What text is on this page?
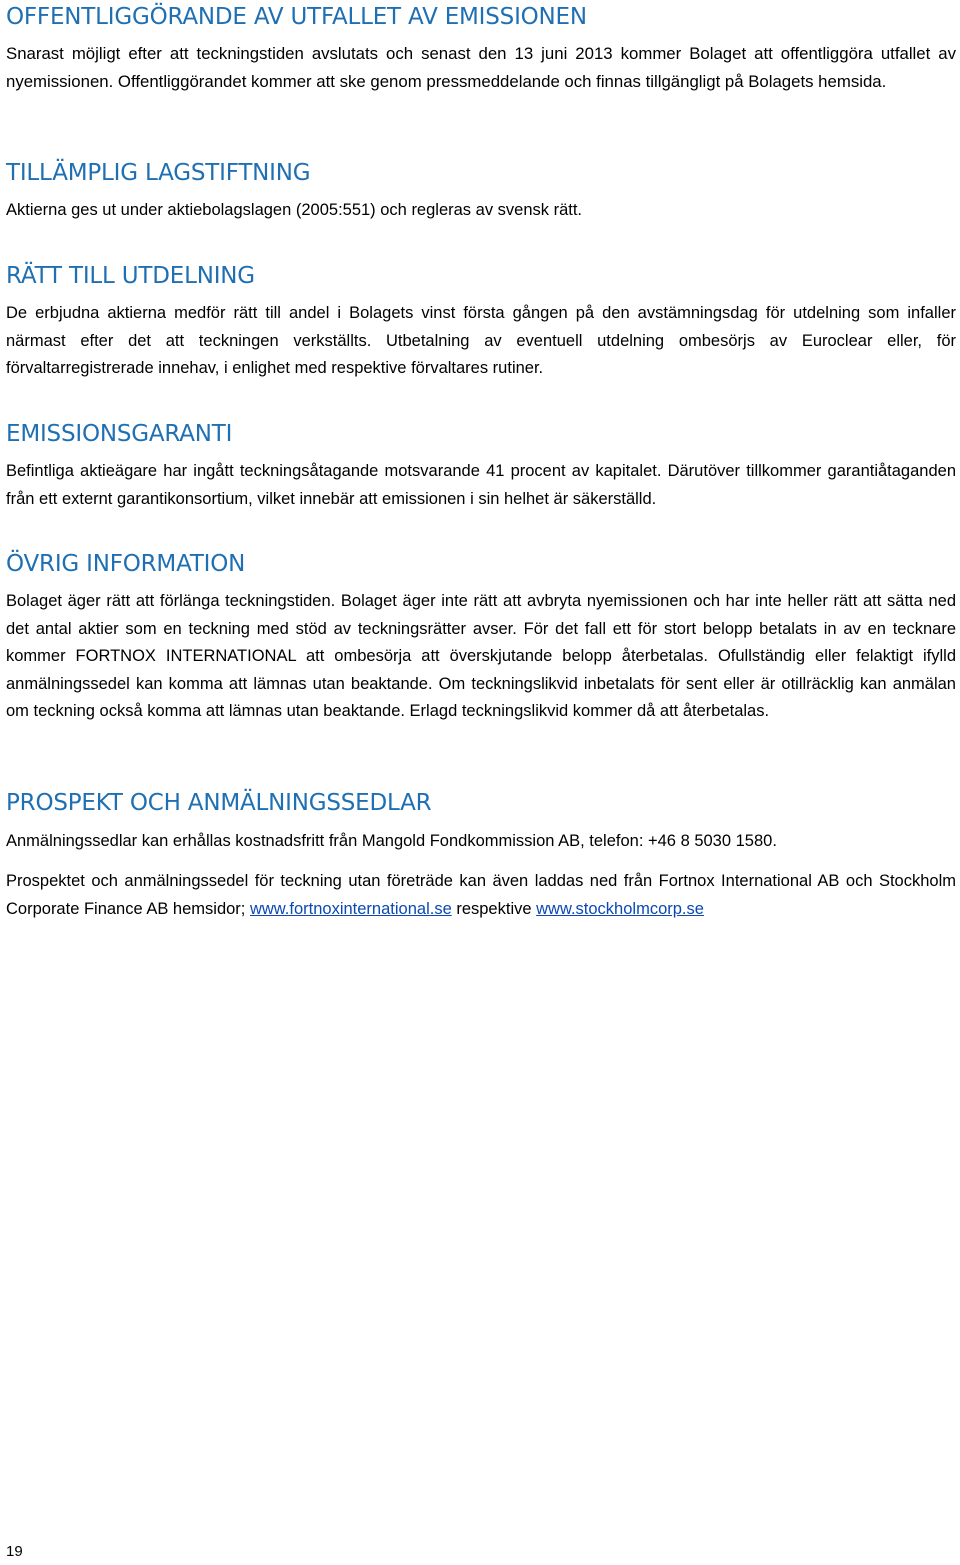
OFFENTLIGGÖRANDE AV UTFALLET AV EMISSIONEN

Snarast möjligt efter att teckningstiden avslutats och senast den 13 juni 2013 kommer Bolaget att offentliggöra utfallet av nyemissionen. Offentliggörandet kommer att ske genom pressmeddelande och finnas tillgängligt på Bolagets hemsida.

TILLÄMPLIG LAGSTIFTNING

Aktierna ges ut under aktiebolagslagen (2005:551) och regleras av svensk rätt.

RÄTT TILL UTDELNING

De erbjudna aktierna medför rätt till andel i Bolagets vinst första gången på den avstämningsdag för utdelning som infaller närmast efter det att teckningen verkställts. Utbetalning av eventuell utdelning ombesörjs av Euroclear eller, för förvaltarregistrerade innehav, i enlighet med respektive förvaltares rutiner.

EMISSIONSGARANTI

Befintliga aktieägare har ingått teckningsåtagande motsvarande 41 procent av kapitalet. Därutöver tillkommer garantiåtaganden från ett externt garantikonsortium, vilket innebär att emissionen i sin helhet är säkerställd.

ÖVRIG INFORMATION

Bolaget äger rätt att förlänga teckningstiden. Bolaget äger inte rätt att avbryta nyemissionen och har inte heller rätt att sätta ned det antal aktier som en teckning med stöd av teckningsrätter avser. För det fall ett för stort belopp betalats in av en tecknare kommer FORTNOX INTERNATIONAL att ombesörja att överskjutande belopp återbetalas. Ofullständig eller felaktigt ifylld anmälningssedel kan komma att lämnas utan beaktande. Om teckningslikvid inbetalats för sent eller är otillräcklig kan anmälan om teckning också komma att lämnas utan beaktande. Erlagd teckningslikvid kommer då att återbetalas.

PROSPEKT OCH ANMÄLNINGSSEDLAR

Anmälningssedlar kan erhållas kostnadsfritt från Mangold Fondkommission AB, telefon: +46 8 5030 1580.

Prospektet och anmälningssedel för teckning utan företräde kan även laddas ned från Fortnox International AB och Stockholm Corporate Finance AB hemsidor; www.fortnoxinternational.se respektive www.stockholmcorp.se

19
